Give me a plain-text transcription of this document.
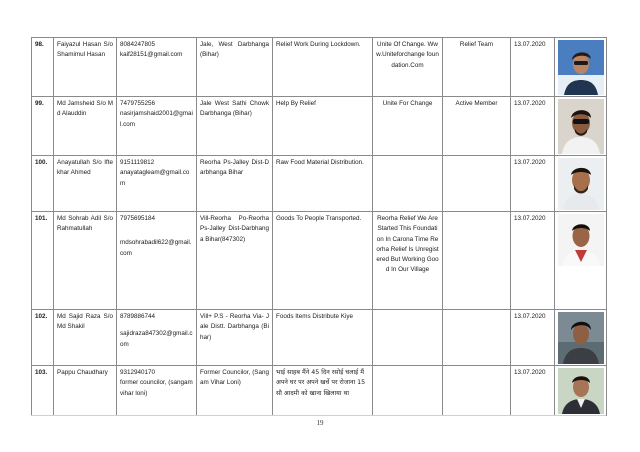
98.	Faiyazul Hasan S/o Shamimul Hasan	8084247805
kaif28151@gmail.com	Jale, West Darbhanga (Bihar)	Relief Work During Lockdown.	Unite Of Change. Www.Uniteforchange foundation.Com	Relief Team	13.07.2020	

99.	Md Jamsheid S/o Md Alauddin	7479755256
nasirjamshaid2001@gmail.com	Jale West Sathi Chowk Darbhanga (Bihar)	Help By Relief	Unite For Change	Active Member	13.07.2020	

100.	Anayatullah S/o Iftekhar Ahmed	9151119812
anayatagleam@gmail.com	Reorha Ps-Jalley Dist-Darbhanga Bihar	Raw Food Material Distribution.			13.07.2020	

101.	Md Sohrab Adil S/o Rahmatullah	7975695184
mdsohrabadil622@gmail.com	Vill-Reorha Po-Reorha Ps-Jalley Dist-Darbhanga Bihar(847302)	Goods To People Transported.	Reorha Relief We Are Started This Foundation In Carona Time Reorha Relief Is Unregistered But Working Good In Our Village		13.07.2020	

102.	Md Sajid Raza S/o Md Shakil	8789886744
sajidraza847302@gmail.com	Vill+ P.S - Reorha Via- Jale Distt. Darbhanga (Bihar)	Foods Items Distribute Kiye			13.07.2020	

103.	Pappu Chaudhary	9312940170
former councilor, (sangam vihar loni)	Former Councilor, (Sangam Vihar Loni)	भाई साहब मैंने 45 दिन रसोई चलाई मैं अपने घर पर अपने खर्चे पर रोजाना 15 सौ आदमी को खाना खिलाया था			13.07.2020	
19
